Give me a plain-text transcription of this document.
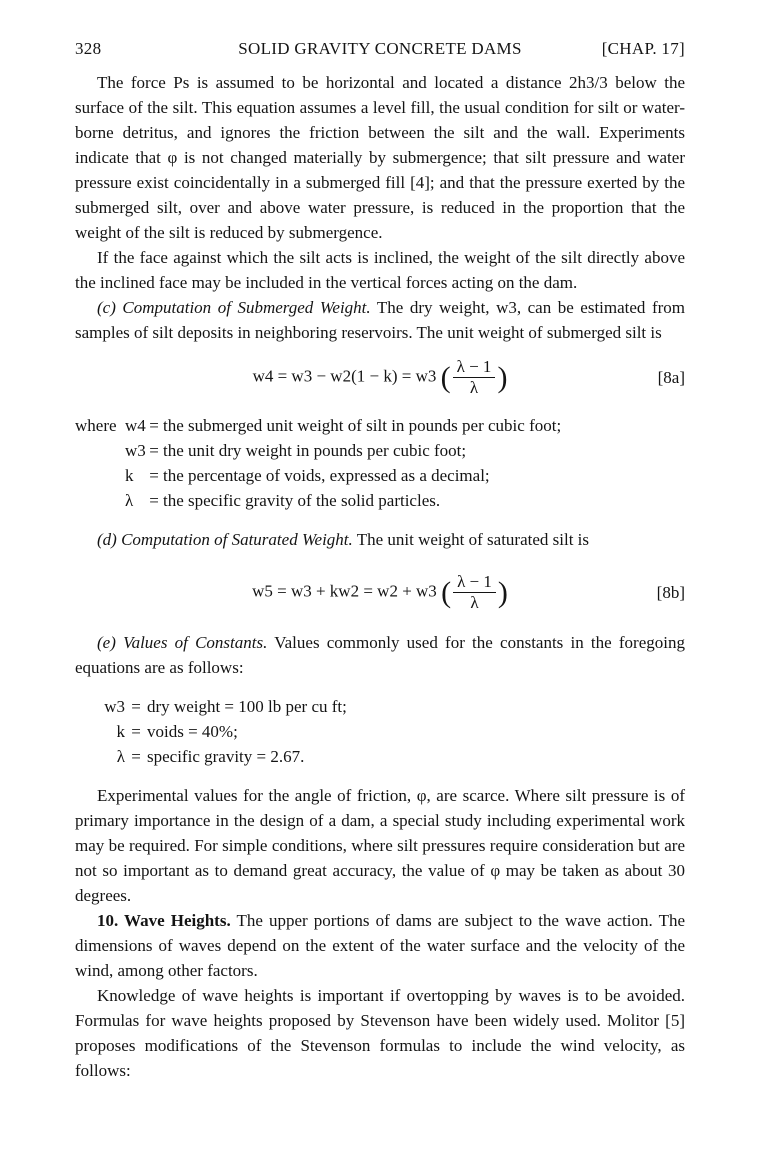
328	SOLID GRAVITY CONCRETE DAMS	[CHAP. 17]

The force Ps is assumed to be horizontal and located a distance 2h3/3 below the surface of the silt. This equation assumes a level fill, the usual condition for silt or water-borne detritus, and ignores the friction between the silt and the wall. Experiments indicate that φ is not changed materially by submergence; that silt pressure and water pressure exist coincidentally in a submerged fill [4]; and that the pressure exerted by the submerged silt, over and above water pressure, is reduced in the proportion that the weight of the silt is reduced by submergence.

If the face against which the silt acts is inclined, the weight of the silt directly above the inclined face may be included in the vertical forces acting on the dam.

(c) Computation of Submerged Weight. The dry weight, w3, can be estimated from samples of silt deposits in neighboring reservoirs. The unit weight of submerged silt is

w4 = w3 − w2(1 − k) = w3 ( $\frac{\lambda - 1}{\lambda}$ )	[8a]
where w4 = the submerged unit weight of silt in pounds per cubic foot;
w3 = the unit dry weight in pounds per cubic foot;
k = the percentage of voids, expressed as a decimal;
λ = the specific gravity of the solid particles.

(d) Computation of Saturated Weight. The unit weight of saturated silt is

w5 = w3 + kw2 = w2 + w3 ( $\frac{\lambda - 1}{\lambda}$ )	[8b]

(e) Values of Constants. Values commonly used for the constants in the foregoing equations are as follows:

w3 = dry weight = 100 lb per cu ft;
k = voids = 40%;
λ = specific gravity = 2.67.

Experimental values for the angle of friction, φ, are scarce. Where silt pressure is of primary importance in the design of a dam, a special study including experimental work may be required. For simple conditions, where silt pressures require consideration but are not so important as to demand great accuracy, the value of φ may be taken as about 30 degrees.

10. Wave Heights. The upper portions of dams are subject to the wave action. The dimensions of waves depend on the extent of the water surface and the velocity of the wind, among other factors.

Knowledge of wave heights is important if overtopping by waves is to be avoided. Formulas for wave heights proposed by Stevenson have been widely used. Molitor [5] proposes modifications of the Stevenson formulas to include the wind velocity, as follows:
